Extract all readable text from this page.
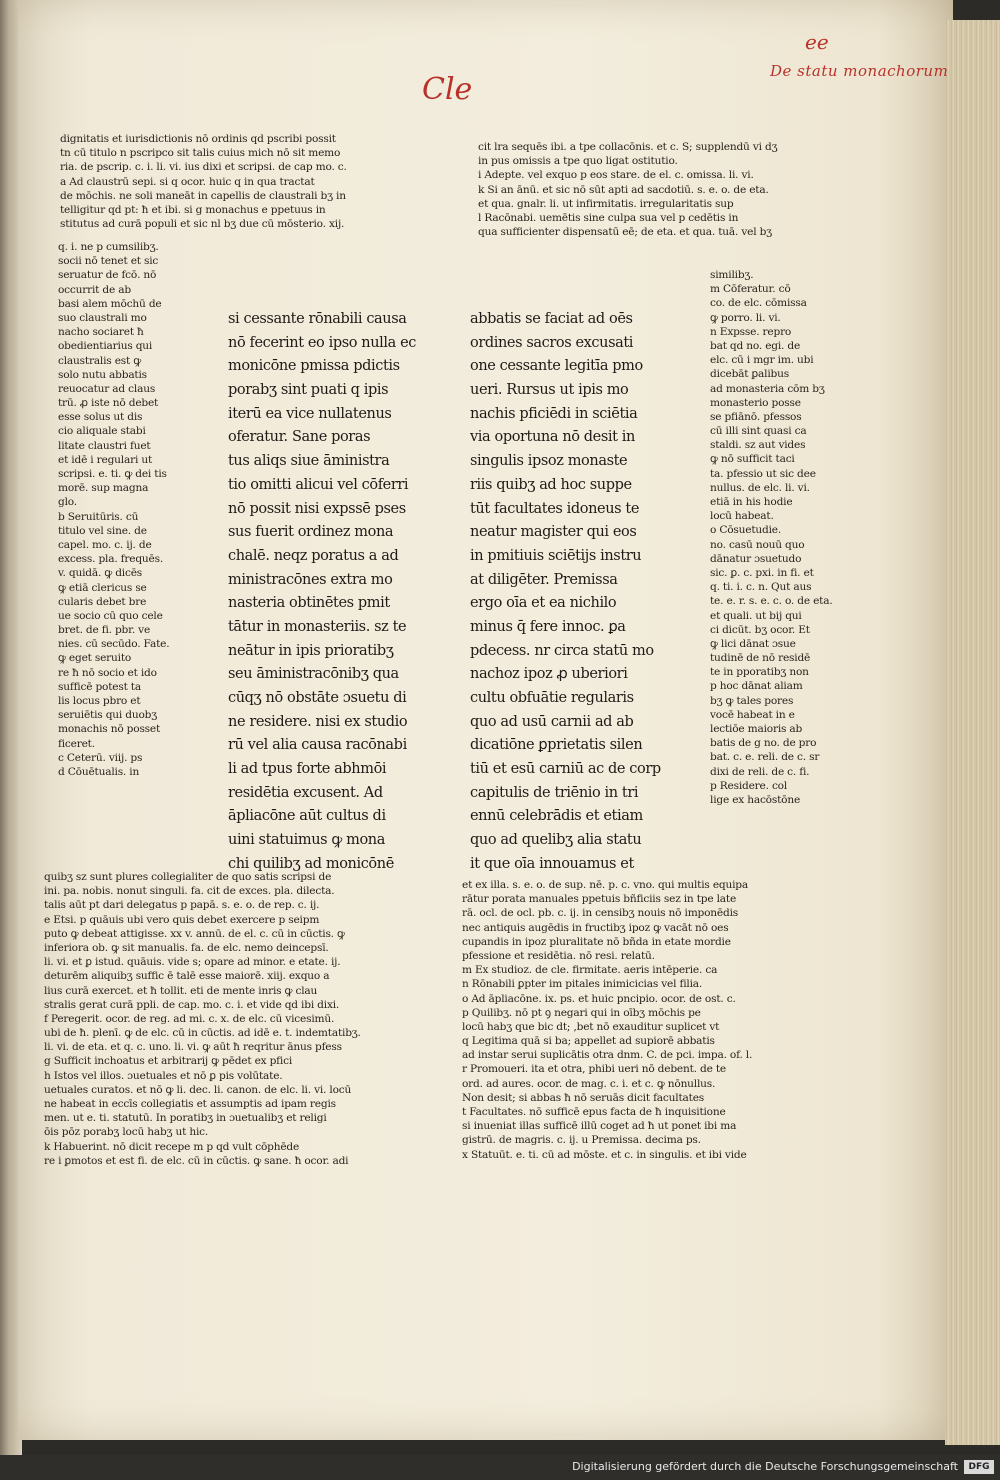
ee
De statu monachorum
Cle
dignitatis et iurisdictionis nō ordinis qd pscribi possit
tn cū titulo n pscripco sit talis cuius mich nō sit memo
ria. de pscrip. c. i. li. vi. ius dixi et scripsi. de cap mo. c.
a Ad claustrū sepi. si q ocor. huic q in qua tractat
de mōchis. ne soli maneāt in capellis de claustrali bʒ in
telligitur qd pt: ħ et ibi. si g monachus e ppetuus in
stitutus ad curā populi et sic nl bʒ due cū mōsterio. xij.
cit lra sequēs ibi. a tpe collacōnis. et c. S; supplendū vi dʒ
in pus omissis a tpe quo ligat ostitutio.
i Adepte. vel exquo p eos stare. de el. c. omissa. li. vi.
k Si an ānū. et sic nō sūt apti ad sacdotiū. s. e. o. de eta.
et qua. gnalr. li. ut infirmitatis. irregularitatis sup
l Racōnabi. uemētis sine culpa sua vel p cedētis in
qua sufficienter dispensatū eē; de eta. et qua. tuā. vel bʒ
q. i. ne p cumsilibʒ.
socii nō tenet et sic
seruatur de fcō. nō
occurrit de ab
basi alem mōchū de
suo claustrali mo
nacho sociaret ħ
obedientiarius qui
claustralis est ꝙ
solo nutu abbatis
reuocatur ad claus
trū. ꝓ iste nō debet
esse solus ut dis
cio aliquale stabi
litate claustri fuet
et idē i regulari ut
scripsi. e. ti. ꝙ dei tis
morē. sup magna
glo.
b Seruitūris. cū
titulo vel sine. de
capel. mo. c. ij. de
excess. pla. frequēs.
v. quidā. ꝙ dicēs
ꝙ etiā clericus se
cularis debet bre
ue socio cū quo cele
bret. de fi. pbr. ve
nies. cū secūdo. Fate.
ꝙ eget seruito
re ħ nō socio et ido
sufficē potest ta
lis locus pbro et
seruiētis qui duobʒ
monachis nō posset
ficeret.
c Ceterū. viij. ps
d Cōuētualis. in
si cessante rōnabili causa
nō fecerint eo ipso nulla ec
monicōne pmissa pdictis
porabʒ sint puati q ipis
iterū ea vice nullatenus
oferatur. Sane poras
tus aliqs siue āministra
tio omitti alicui vel cōferri
nō possit nisi expssē pses
sus fuerit ordinez mona
chalē. neqz poratus a ad
ministracōnes extra mo
nasteria obtinētes pmit
tātur in monasteriis. sz te
neātur in ipis prioratibʒ
seu āministracōnibʒ qua
cūqʒ nō obstāte ɔsuetu di
ne residere. nisi ex studio
rū vel alia causa racōnabi
li ad tpus forte abhmōi
residētia excusent. Ad
āpliacōne aūt cultus di
uini statuimus ꝙ mona
chi quilibʒ ad monicōnē
abbatis se faciat ad oēs
ordines sacros excusati
one cessante legitīa pmo
ueri. Rursus ut ipis mo
nachis pficiēdi in sciētia
via oportuna nō desit in
singulis ipsoz monaste
riis quibʒ ad hoc suppe
tūt facultates idoneus te
neatur magister qui eos
in pmitiuis sciētijs instru
at diligēter. Premissa
ergo oīa et ea nichilo
minus q̄ fere innoc. ꝑa
pdecess. nr circa statū mo
nachoz ipoz ꝓ uberiori
cultu obfuātie regularis
quo ad usū carnii ad ab
dicatiōne ꝑprietatis silen
tiū et esū carniū ac de corp
capitulis de triēnio in tri
ennū celebrādis et etiam
quo ad quelibʒ alia statu
it que oīa innouamus et
similibʒ.
m Cōferatur. cō
co. de elc. cōmissa
ꝙ porro. li. vi.
n Expsse. repro
bat qd no. egi. de
elc. cū i mgr im. ubi
dicebāt ꝑalibus
ad monasteria cōm bʒ
monasterio posse
se pfiānō. pfessos
cū illi sint quasi ca
staldi. sz aut vides
ꝙ nō sufficit taci
ta. pfessio ut sic dee
nullus. de elc. li. vi.
etiā in his hodie
locū habeat.
o Cōsuetudie.
no. casū nouū quo
dānatur ɔsuetudo
sic. ꝑ. c. pxi. in fi. et
q. ti. i. c. n. Qut aus
te. e. r. s. e. c. o. de eta.
et quali. ut bij qui
ci dicūt. bʒ ocor. Et
ꝙ lici dānat ɔsue
tudinē de nō residē
te in pporatibʒ non
p hoc dānat aliam
bʒ ꝙ tales pores
vocē habeat in e
lectiōe maioris ab
batis de g no. de pro
bat. c. e. reli. de c. sr
dixi de reli. de c. fi.
p Residere. col
lige ex hacōstōne
quibʒ sz sunt plures collegialiter de quo satis scripsi de
ini. pa. nobis. nonut singuli. fa. cit de exces. pla. dilecta.
talis aūt pt dari delegatus p papā. s. e. o. de rep. c. ij.
e Etsi. p quāuis ubi vero quis debet exercere p seipm
puto ꝙ debeat attigisse. xx v. annū. de el. c. cū in cūctis. ꝙ
inferiora ob. ꝙ sit manualis. fa. de elc. nemo deincepsī.
li. vi. et ꝑ istud. quāuis. vide s; opare ad minor. e etate. ij.
deturēm aliquibʒ suffic ē talē esse maiorē. xiij. exquo a
lius curā exercet. et ħ tollit. eti de mente inris ꝙ clau
stralis gerat curā ppli. de cap. mo. c. i. et vide qd ibi dixi.
f Peregerit. ocor. de reg. ad mi. c. x. de elc. cū vicesimū.
ubi de ħ. plenī. ꝙ de elc. cū in cūctis. ad idē e. t. indemtatibʒ.
li. vi. de eta. et q. c. uno. li. vi. ꝙ aūt ħ reqritur ānus pfess
g Sufficit inchoatus et arbitrarij ꝙ pēdet ex pfici
h Istos vel illos. ɔuetuales et nō ꝑ pis volūtate.
uetuales curatos. et nō ꝙ li. dec. li. canon. de elc. li. vi. locū
ne habeat in eccīs collegiatis et assumptis ad ipam regis
men. ut e. ti. statutū. In poratibʒ in ɔuetualibʒ et religi
ōis pōz porabʒ locū habʒ ut hic.
k Habuerint. nō dicit recepe m p qd vult cōphēde
re i ꝑmotos et est fi. de elc. cū in cūctis. ꝙ sane. ħ ocor. adi
et ex illa. s. e. o. de sup. nē. p. c. vno. qui multis equipa
rātur porata manuales ppetuis bñficiis sez in tpe late
rā. ocl. de ocl. pb. c. ij. in censibʒ nouis nō imponēdis
nec antiquis augēdis in fructibʒ ipoz ꝙ vacāt nō oes
cupandis in ipoz pluralitate nō bñda in etate mordie
pfessione et residētia. nō resi. relatū.
m Ex studioz. de cle. firmitate. aeris intēperie. ca
n Rōnabili ꝑpter im pitales inimicicias vel filia.
o Ad āpliacōne. ix. ps. et huic pncipio. ocor. de ost. c.
p Quilibʒ. nō pt ꝯ negari qui in oībʒ mōchis pe
locū habʒ que bic dt; ,bet nō exauditur suplicet vt
q Legitima quā si ba; appellet ad supiorē abbatis
ad instar serui suplicātis otra dnm. C. de pci. impa. of. l.
r Promoueri. ita et otra, phibi ueri nō debent. de te
ord. ad aures. ocor. de mag. c. i. et c. ꝙ nōnullus.
Non desit; si abbas ħ nō seruās dicit facultates
t Facultates. nō sufficē epus facta de ħ inquisitione
si inueniat illas sufficē illū coget ad ħ ut ponet ibi ma
gistrū. de magris. c. ij. u Premissa. decima ps.
x Statuūt. e. ti. cū ad mōste. et c. in singulis. et ibi vide
Digitalisierung gefördert durch die Deutsche Forschungsgemeinschaft	DFG
